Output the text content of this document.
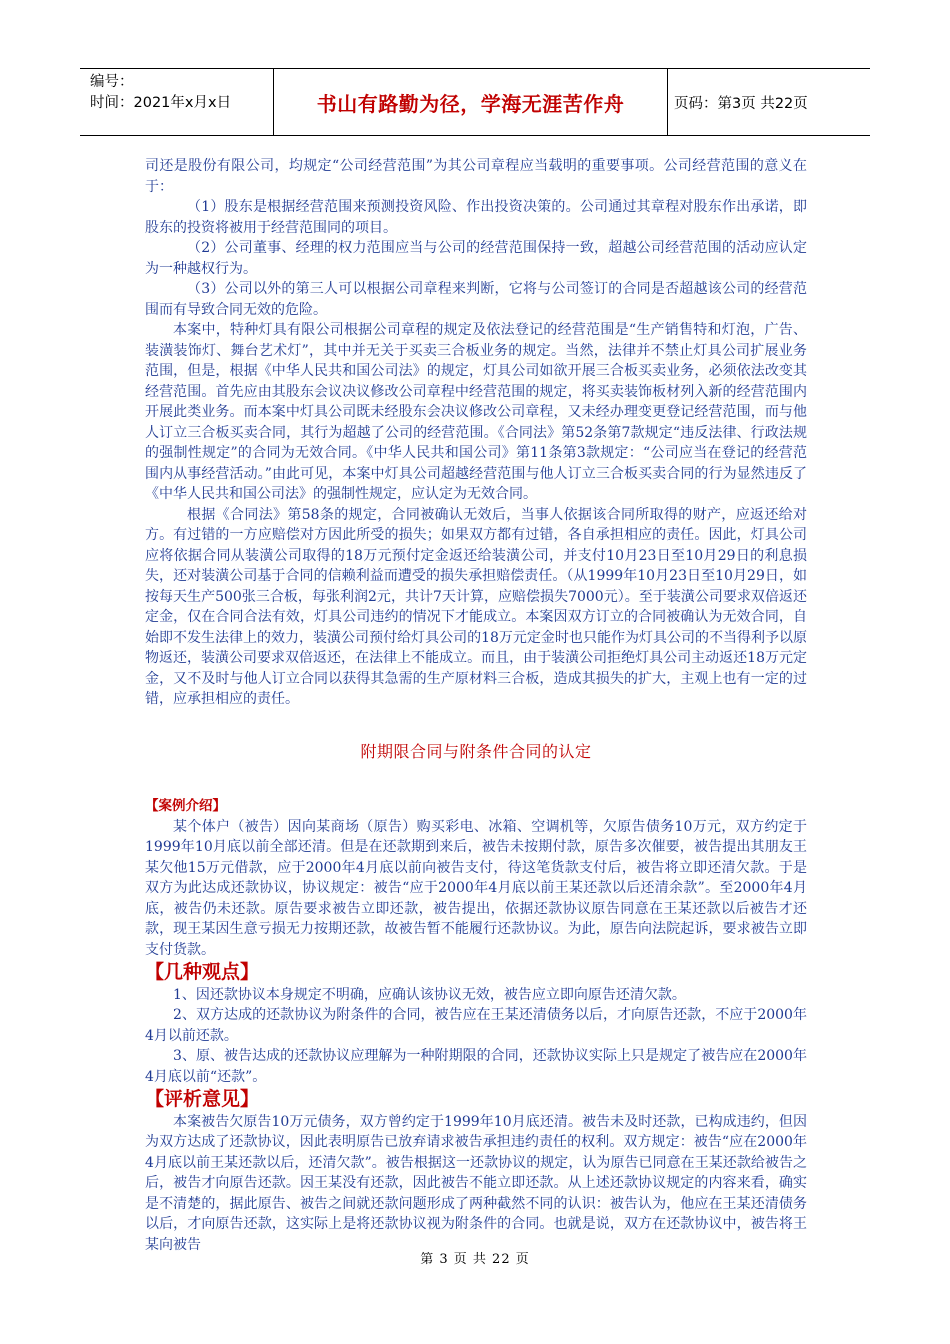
编号：
时间：2021年x月x日	书山有路勤为径，学海无涯苦作舟	页码：第3页 共22页

司还是股份有限公司，均规定“公司经营范围”为其公司章程应当载明的重要事项。公司经营范围的意义在于：

（1）股东是根据经营范围来预测投资风险、作出投资决策的。公司通过其章程对股东作出承诺，即股东的投资将被用于经营范围同的项目。

（2）公司董事、经理的权力范围应当与公司的经营范围保持一致，超越公司经营范围的活动应认定为一种越权行为。

（3）公司以外的第三人可以根据公司章程来判断，它将与公司签订的合同是否超越该公司的经营范围而有导致合同无效的危险。

本案中，特种灯具有限公司根据公司章程的规定及依法登记的经营范围是“生产销售特和灯泡，广告、装潢装饰灯、舞台艺术灯”，其中并无关于买卖三合板业务的规定。当然，法律并不禁止灯具公司扩展业务范围，但是，根据《中华人民共和国公司法》的规定，灯具公司如欲开展三合板买卖业务，必须依法改变其经营范围。首先应由其股东会议决议修改公司章程中经营范围的规定，将买卖装饰板材列入新的经营范围内开展此类业务。而本案中灯具公司既未经股东会决议修改公司章程，又未经办理变更登记经营范围，而与他人订立三合板买卖合同，其行为超越了公司的经营范围。《合同法》第52条第7款规定“违反法律、行政法规的强制性规定”的合同为无效合同。《中华人民共和国公司》第11条第3款规定：“公司应当在登记的经营范围内从事经营活动。”由此可见，本案中灯具公司超越经营范围与他人订立三合板买卖合同的行为显然违反了《中华人民共和国公司法》的强制性规定，应认定为无效合同。

根据《合同法》第58条的规定，合同被确认无效后，当事人依据该合同所取得的财产，应返还给对方。有过错的一方应赔偿对方因此所受的损失；如果双方都有过错，各自承担相应的责任。因此，灯具公司应将依据合同从装潢公司取得的18万元预付定金返还给装潢公司，并支付10月23日至10月29日的利息损失，还对装潢公司基于合同的信赖利益而遭受的损失承担赔偿责任。（从1999年10月23日至10月29日，如按每天生产500张三合板，每张利润2元，共计7天计算，应赔偿损失7000元）。至于装潢公司要求双倍返还定金，仅在合同合法有效，灯具公司违约的情况下才能成立。本案因双方订立的合同被确认为无效合同，自始即不发生法律上的效力，装潢公司预付给灯具公司的18万元定金时也只能作为灯具公司的不当得利予以原物返还，装潢公司要求双倍返还，在法律上不能成立。而且，由于装潢公司拒绝灯具公司主动返还18万元定金，又不及时与他人订立合同以获得其急需的生产原材料三合板，造成其损失的扩大，主观上也有一定的过错，应承担相应的责任。

附期限合同与附条件合同的认定

【案例介绍】

某个体户（被告）因向某商场（原告）购买彩电、冰箱、空调机等，欠原告债务10万元，双方约定于1999年10月底以前全部还清。但是在还款期到来后，被告未按期付款，原告多次催要，被告提出其朋友王某欠他15万元借款，应于2000年4月底以前向被告支付，待这笔货款支付后，被告将立即还清欠款。于是双方为此达成还款协议，协议规定：被告“应于2000年4月底以前王某还款以后还清余款”。至2000年4月底，被告仍未还款。原告要求被告立即还款，被告提出，依据还款协议原告同意在王某还款以后被告才还款，现王某因生意亏损无力按期还款，故被告暂不能履行还款协议。为此，原告向法院起诉，要求被告立即支付货款。

【几种观点】

1、因还款协议本身规定不明确，应确认该协议无效，被告应立即向原告还清欠款。

2、双方达成的还款协议为附条件的合同，被告应在王某还清债务以后，才向原告还款，不应于2000年4月以前还款。

3、原、被告达成的还款协议应理解为一种附期限的合同，还款协议实际上只是规定了被告应在2000年4月底以前“还款”。

【评析意见】

本案被告欠原告10万元债务，双方曾约定于1999年10月底还清。被告未及时还款，已构成违约，但因为双方达成了还款协议，因此表明原告已放弃请求被告承担违约责任的权利。双方规定：被告“应在2000年4月底以前王某还款以后，还清欠款”。被告根据这一还款协议的规定，认为原告已同意在王某还款给被告之后，被告才向原告还款。因王某没有还款，因此被告不能立即还款。从上述还款协议规定的内容来看，确实是不清楚的，据此原告、被告之间就还款问题形成了两种截然不同的认识：被告认为，他应在王某还清债务以后，才向原告还款，这实际上是将还款协议视为附条件的合同。也就是说，双方在还款协议中，被告将王某向被告

第 3 页 共 22 页
